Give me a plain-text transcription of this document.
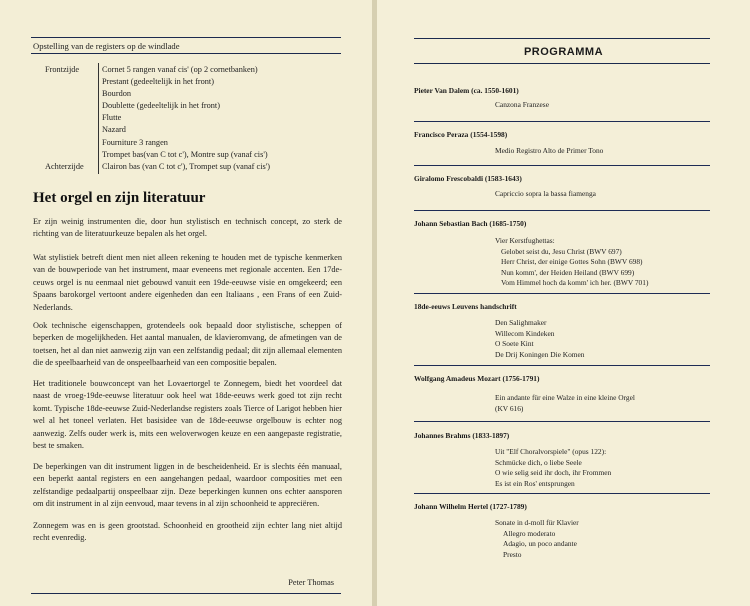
Opstelling van de registers op de windlade
Frontzijde	Cornet 5 rangen vanaf cis' (op 2 cornetbanken)
Prestant (gedeeltelijk in het front)
Bourdon
Doublette (gedeeltelijk in het front)
Flutte
Nazard
Fourniture 3 rangen
Trompet bas(van C tot c'), Montre sup (vanaf cis')
Achterzijde	Clairon bas (van C tot c'), Trompet sup (vanaf cis')
Het orgel en zijn literatuur

Er zijn weinig instrumenten die, door hun stylistisch en technisch concept, zo sterk de richting van de literatuurkeuze bepalen als het orgel.

Wat stylistiek betreft dient men niet alleen rekening te houden met de typische kenmerken van de bouwperiode van het instrument, maar eveneens met regionale accenten. Een 17de-ceuws orgel is nu eenmaal niet gebouwd vanuit een 19de-eeuwse visie en omgekeerd; een Spaans barokorgel vertoont andere eigenheden dan een Italiaans , een Frans of een Zuid-Nederlands.

Ook technische eigenschappen, grotendeels ook bepaald door stylistische, scheppen of beperken de mogelijkheden. Het aantal manualen, de klavieromvang, de afmetingen van de toetsen, het al dan niet aanwezig zijn van een zelfstandig pedaal; dit zijn allemaal elementen die de speelbaarheid van de onspeelbaarheid van een compositie bepalen.

Het traditionele bouwconcept van het Lovaertorgel te Zonnegem, biedt het voordeel dat naast de vroeg-19de-eeuwse literatuur ook heel wat 18de-eeuws werk goed tot zijn recht komt. Typische 18de-eeuwse Zuid-Nederlandse registers zoals Tierce of Larigot hebben hier wel al het toneel verlaten. Het basisidee van de 18de-eeuwse orgelbouw is echter nog aanwezig. Zelfs ouder werk is, mits een weloverwogen keuze en een aangepaste registratie, best te smaken.

De beperkingen van dit instrument liggen in de bescheidenheid. Er is slechts één manuaal, een beperkt aantal registers en een aangehangen pedaal, waardoor composities met een zelfstandige pedaalpartij onspeelbaar zijn. Deze beperkingen kunnen ons echter aansporen om dit instrument in al zijn eenvoud, maar tevens in al zijn schoonheid te appreciëren.

Zonnegem was en is geen grootstad. Schoonheid en grootheid zijn echter lang niet altijd recht evenredig.

Peter Thomas
PROGRAMMA
Pieter Van Dalem (ca. 1550-1601)
Canzona Franzese
Francisco Peraza (1554-1598)
Medio Registro Alto de Primer Tono
Giralomo Frescobaldi (1583-1643)
Capriccio sopra la bassa fiamenga
Johann Sebastian Bach (1685-1750)
Vier Kerstfughettas:
Gelobet seist du, Jesu Christ (BWV 697)
Herr Christ, der einige Gottes Sohn (BWV 698)
Nun komm', der Heiden Heiland (BWV 699)
Vom Himmel hoch da komm' ich her. (BWV 701)
18de-eeuws Leuvens handschrift
Den Salighmaker
Willecom Kindeken
O Soete Kint
De Drij Koningen Die Komen
Wolfgang Amadeus Mozart (1756-1791)
Ein andante für eine Walze in eine kleine Orgel
(KV 616)
Johannes Brahms (1833-1897)
Uit "Elf Choralvorspiele" (opus 122):
Schmücke dich, o liebe Seele
O wie selig seid ihr doch, ihr Frommen
Es ist ein Ros' entsprungen
Johann Wilhelm Hertel (1727-1789)
Sonate in d-moll für Klavier
Allegro moderato
Adagio, un poco andante
Presto
